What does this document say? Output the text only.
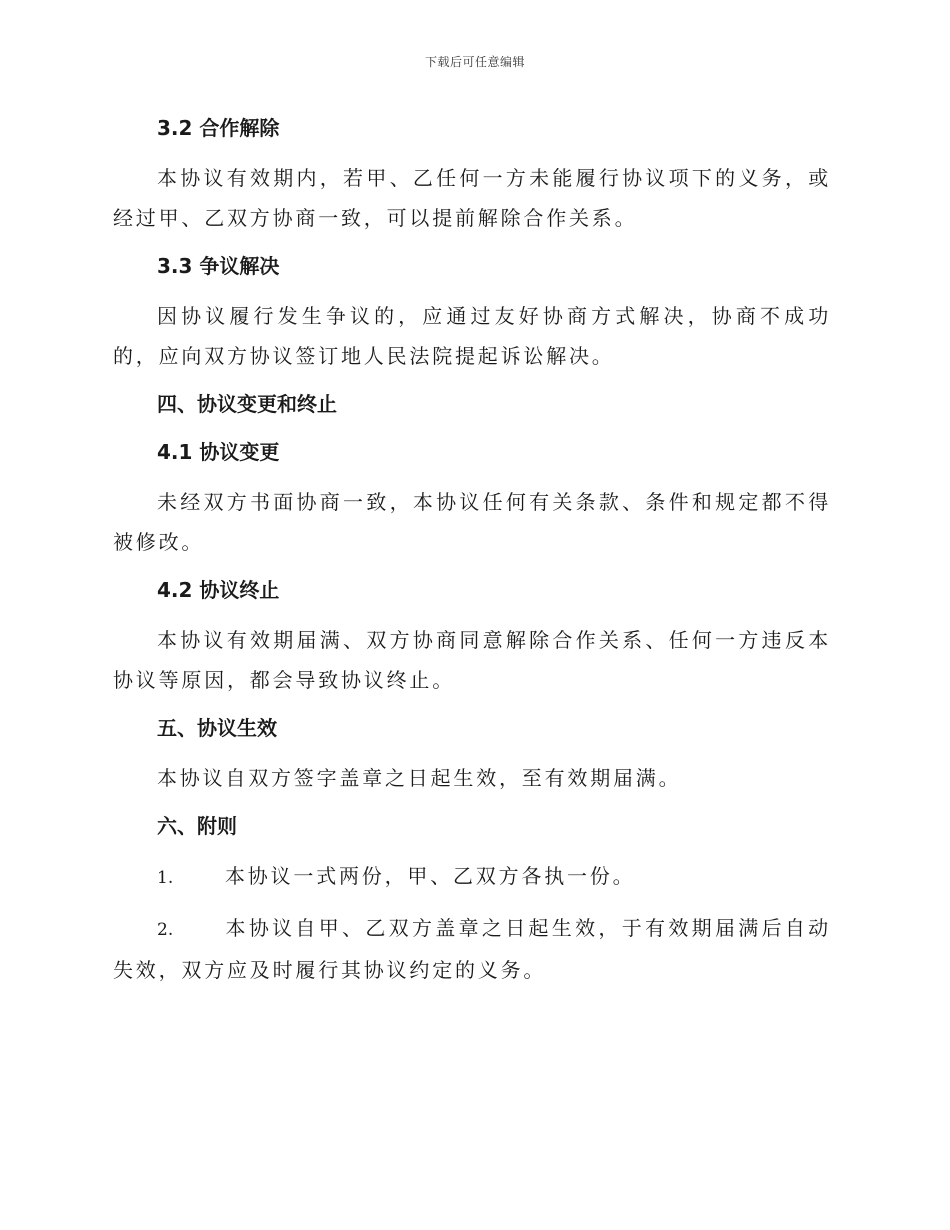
下载后可任意编辑
3.2 合作解除

本协议有效期内，若甲、乙任何一方未能履行协议项下的义务，或经过甲、乙双方协商一致，可以提前解除合作关系。

3.3 争议解决

因协议履行发生争议的，应通过友好协商方式解决，协商不成功的，应向双方协议签订地人民法院提起诉讼解决。

四、协议变更和终止
4.1 协议变更

未经双方书面协商一致，本协议任何有关条款、条件和规定都不得被修改。

4.2 协议终止

本协议有效期届满、双方协商同意解除合作关系、任何一方违反本协议等原因，都会导致协议终止。

五、协议生效

本协议自双方签字盖章之日起生效，至有效期届满。

六、附则

1.	本协议一式两份，甲、乙双方各执一份。

2.	本协议自甲、乙双方盖章之日起生效，于有效期届满后自动失效，双方应及时履行其协议约定的义务。
